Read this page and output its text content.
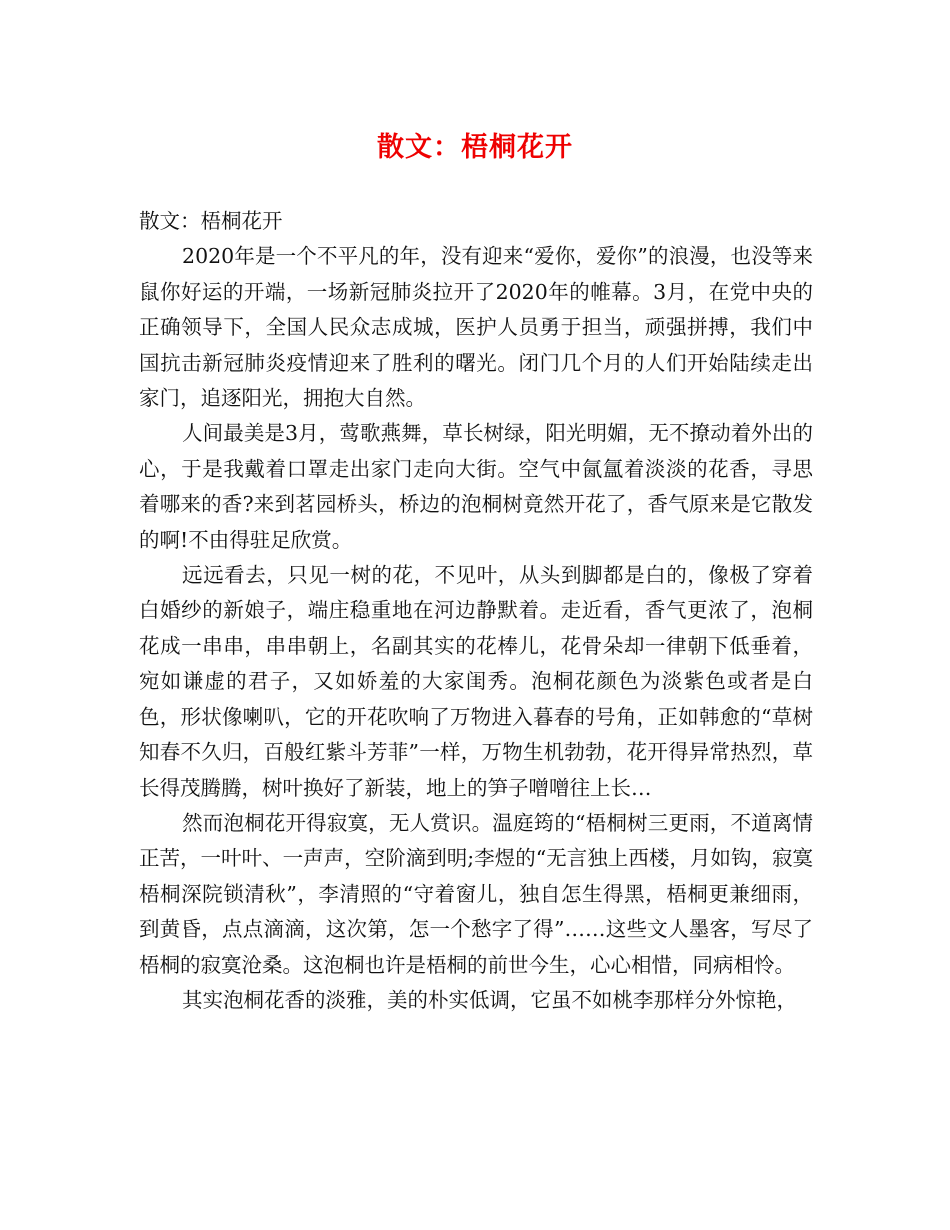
散文：梧桐花开

散文：梧桐花开

2020年是一个不平凡的年，没有迎来“爱你，爱你”的浪漫，也没等来鼠你好运的开端，一场新冠肺炎拉开了2020年的帷幕。3月，在党中央的正确领导下，全国人民众志成城，医护人员勇于担当，顽强拼搏，我们中国抗击新冠肺炎疫情迎来了胜利的曙光。闭门几个月的人们开始陆续走出家门，追逐阳光，拥抱大自然。

人间最美是3月，莺歌燕舞，草长树绿，阳光明媚，无不撩动着外出的心，于是我戴着口罩走出家门走向大街。空气中氤氲着淡淡的花香，寻思着哪来的香?来到茗园桥头，桥边的泡桐树竟然开花了，香气原来是它散发的啊!不由得驻足欣赏。

远远看去，只见一树的花，不见叶，从头到脚都是白的，像极了穿着白婚纱的新娘子，端庄稳重地在河边静默着。走近看，香气更浓了，泡桐花成一串串，串串朝上，名副其实的花棒儿，花骨朵却一律朝下低垂着，宛如谦虚的君子，又如娇羞的大家闺秀。泡桐花颜色为淡紫色或者是白色，形状像喇叭，它的开花吹响了万物进入暮春的号角，正如韩愈的“草树知春不久归，百般红紫斗芳菲”一样，万物生机勃勃，花开得异常热烈，草长得茂腾腾，树叶换好了新装，地上的笋子噌噌往上长…

然而泡桐花开得寂寞，无人赏识。温庭筠的“梧桐树三更雨，不道离情正苦，一叶叶、一声声，空阶滴到明;李煜的“无言独上西楼，月如钩，寂寞梧桐深院锁清秋”，李清照的“守着窗儿，独自怎生得黑，梧桐更兼细雨，到黄昏，点点滴滴，这次第，怎一个愁字了得”……这些文人墨客，写尽了梧桐的寂寞沧桑。这泡桐也许是梧桐的前世今生，心心相惜，同病相怜。

其实泡桐花香的淡雅，美的朴实低调，它虽不如桃李那样分外惊艳，
